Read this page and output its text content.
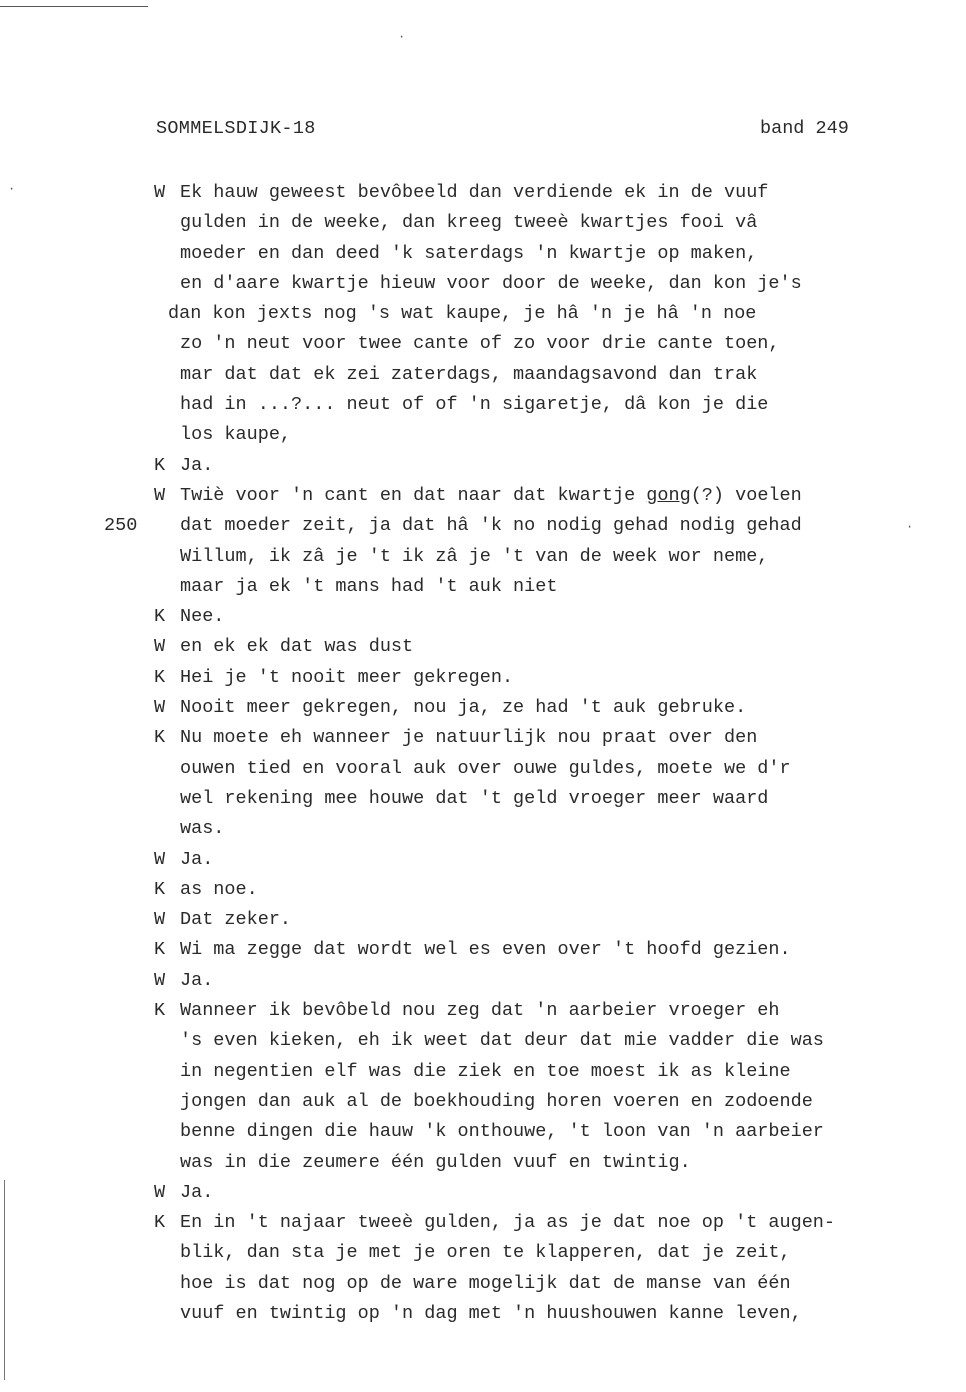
SOMMELSDIJK-18	band 249
W Ek hauw geweest bevôbeeld dan verdiende ek in de vuuf
gulden in de weeke, dan kreeg tweeè kwartjes fooi vâ
moeder en dan deed 'k saterdags 'n kwartje op maken,
en d'aare kwartje hieuw voor door de weeke, dan kon je's
dan kon jexts nog 's wat kaupe, je hâ 'n je hâ 'n noe
zo 'n neut voor twee cante of zo voor drie cante toen,
mar dat dat ek zei zaterdags, maandagsavond dan trak
had in ...?... neut of of 'n sigaretje, dâ kon je die
los kaupe,
K Ja.
W Twiè voor 'n cant en dat naar dat kwartje gong(?) voelen
250 dat moeder zeit, ja dat hâ 'k no nodig gehad nodig gehad
Willum, ik zâ je 't ik zâ je 't van de week wor neme,
maar ja ek 't mans had 't auk niet
K Nee.
W en ek ek dat was dust
K Hei je 't nooit meer gekregen.
W Nooit meer gekregen, nou ja, ze had 't auk gebruke.
K Nu moete eh wanneer je natuurlijk nou praat over den
ouwen tied en vooral auk over ouwe guldes, moete we d'r
wel rekening mee houwe dat 't geld vroeger meer waard
was.
W Ja.
K as noe.
W Dat zeker.
K Wi ma zegge dat wordt wel es even over 't hoofd gezien.
W Ja.
K Wanneer ik bevôbeld nou zeg dat 'n aarbeier vroeger eh
's even kieken, eh ik weet dat deur dat mie vadder die was
in negentien elf was die ziek en toe moest ik as kleine
jongen dan auk al de boekhouding horen voeren en zodoende
benne dingen die hauw 'k onthouwe, 't loon van 'n aarbeier
was in die zeumere één gulden vuuf en twintig.
W Ja.
K En in 't najaar tweeè gulden, ja as je dat noe op 't augen-
blik, dan sta je met je oren te klapperen, dat je zeit,
hoe is dat nog op de ware mogelijk dat de manse van één
vuuf en twintig op 'n dag met 'n huushouwen kanne leven,
·
·
·
